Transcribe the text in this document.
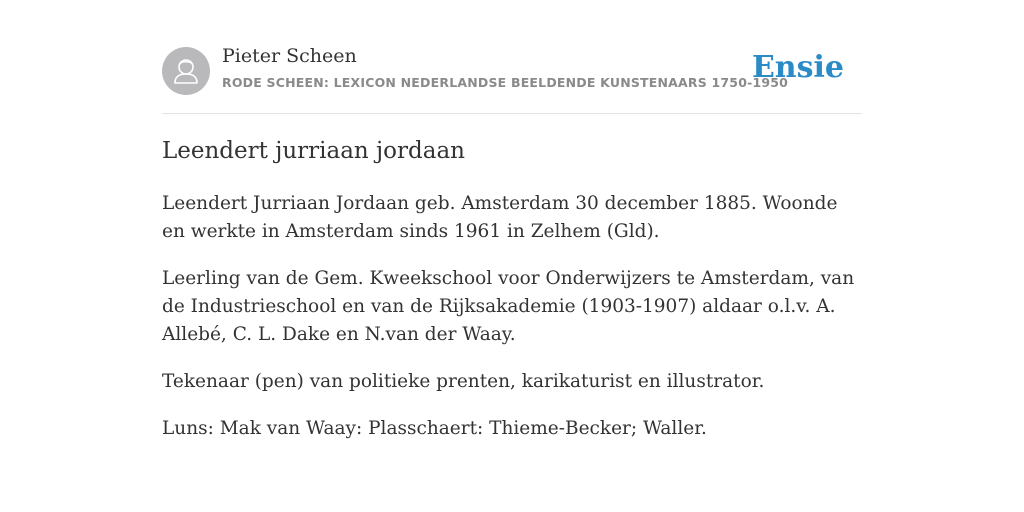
Pieter Scheen
RODE SCHEEN: LEXICON NEDERLANDSE BEELDENDE KUNSTENAARS 1750-1950
Ensie
Leendert jurriaan jordaan

Leendert Jurriaan Jordaan geb. Amsterdam 30 december 1885. Woonde en werkte in Amsterdam sinds 1961 in Zelhem (Gld).

Leerling van de Gem. Kweekschool voor Onderwijzers te Amsterdam, van de Industrieschool en van de Rijksakademie (1903-1907) aldaar o.l.v. A. Allebé, C. L. Dake en N.van der Waay.

Tekenaar (pen) van politieke prenten, karikaturist en illustrator.

Luns: Mak van Waay: Plasschaert: Thieme-Becker; Waller.
